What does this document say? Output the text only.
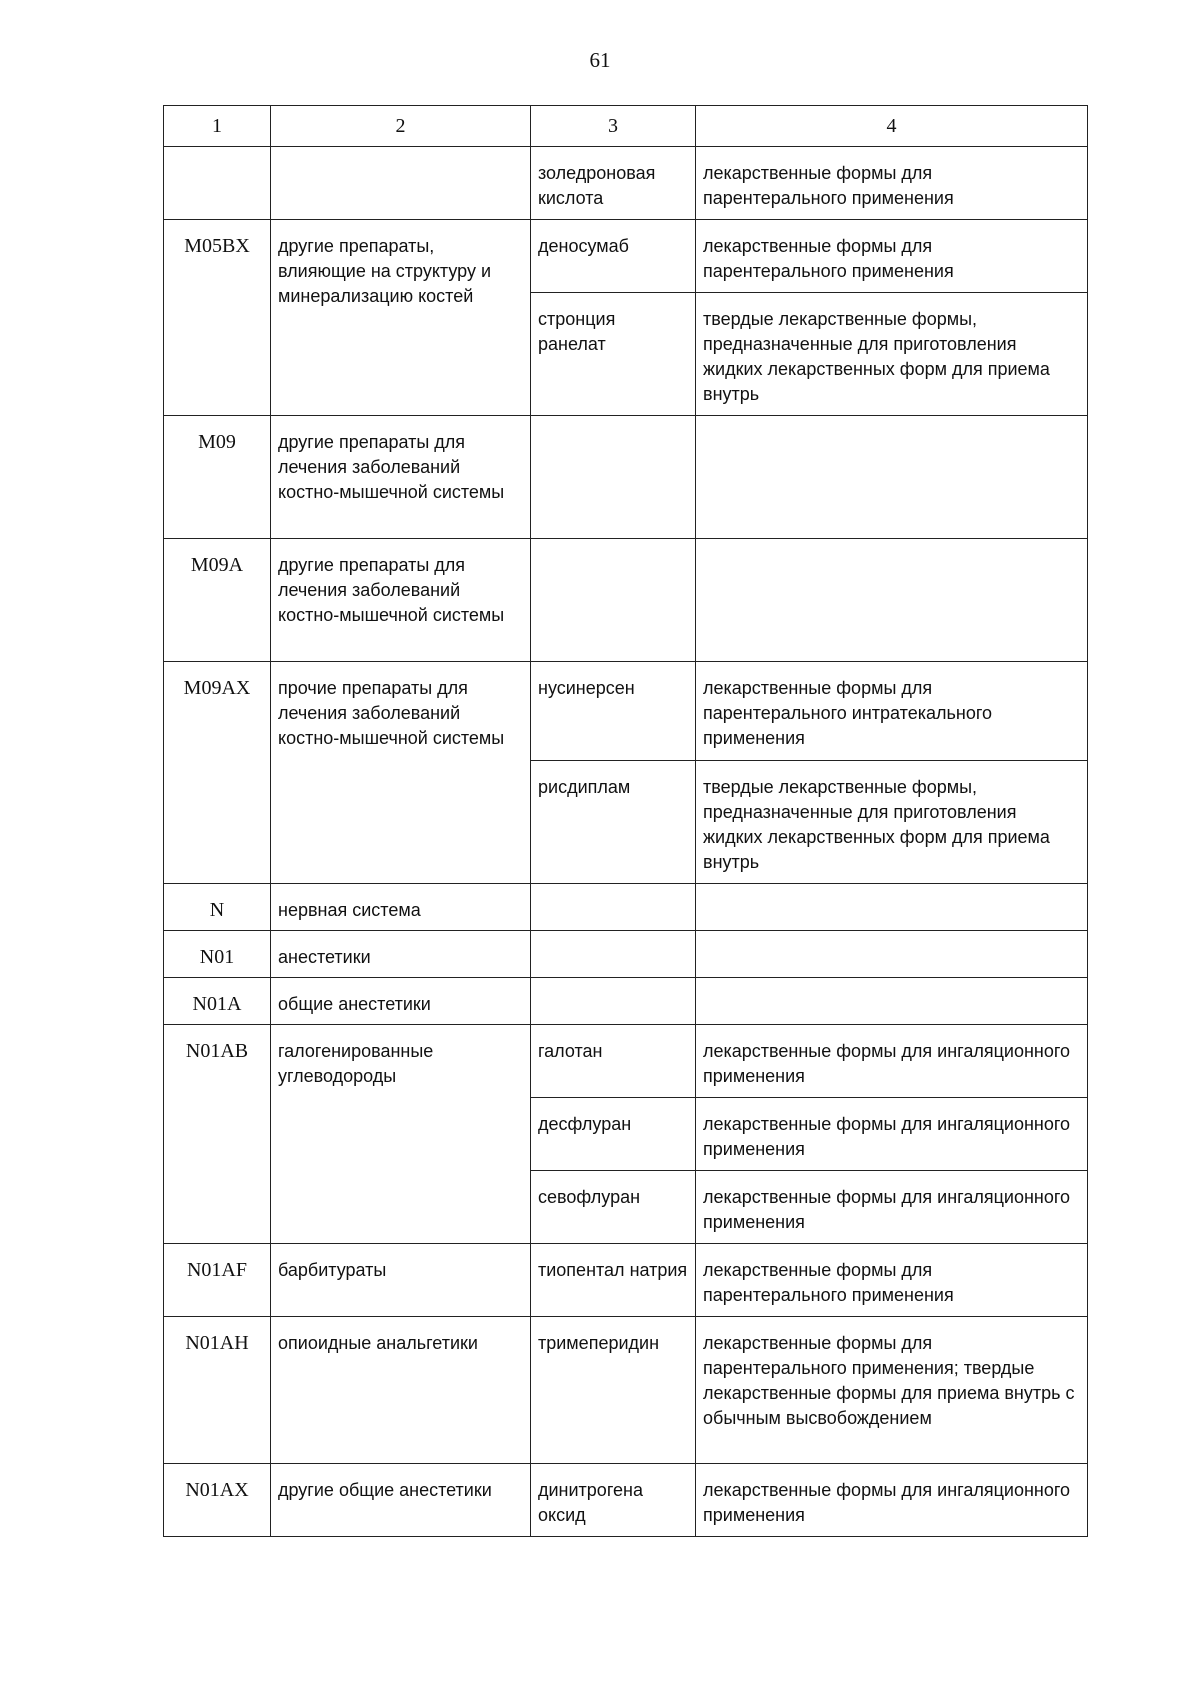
61
1	2	3	4
		золедроновая кислота	лекарственные формы для парентерального применения
M05BX	другие препараты, влияющие на структуру и минерализацию костей	деносумаб	лекарственные формы для парентерального применения
		стронция ранелат	твердые лекарственные формы, предназначенные для приготовления жидких лекарственных форм для приема внутрь
M09	другие препараты для лечения заболеваний костно-мышечной системы		
M09A	другие препараты для лечения заболеваний костно-мышечной системы		
M09AX	прочие препараты для лечения заболеваний костно-мышечной системы	нусинерсен	лекарственные формы для парентерального интратекального применения
		рисдиплам	твердые лекарственные формы, предназначенные для приготовления жидких лекарственных форм для приема внутрь
N	нервная система		
N01	анестетики		
N01A	общие анестетики		
N01AB	галогенированные углеводороды	галотан	лекарственные формы для ингаляционного применения
		десфлуран	лекарственные формы для ингаляционного применения
		севофлуран	лекарственные формы для ингаляционного применения
N01AF	барбитураты	тиопентал натрия	лекарственные формы для парентерального применения
N01AH	опиоидные анальгетики	тримеперидин	лекарственные формы для парентерального применения; твердые лекарственные формы для приема внутрь с обычным высвобождением
N01AX	другие общие анестетики	динитрогена оксид	лекарственные формы для ингаляционного применения
